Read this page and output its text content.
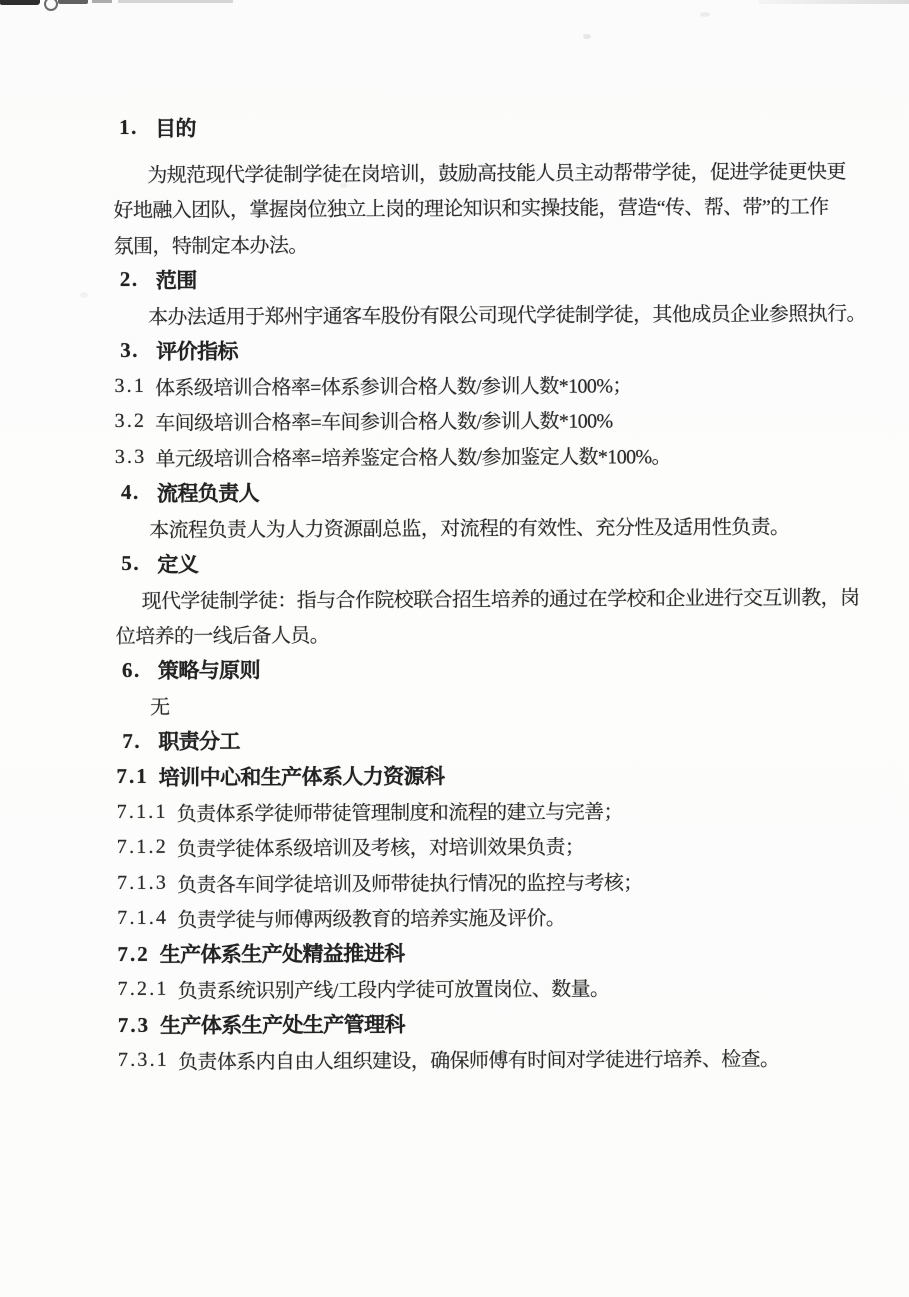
1. 目的
为规范现代学徒制学徒在岗培训，鼓励高技能人员主动帮带学徒，促进学徒更快更
好地融入团队，掌握岗位独立上岗的理论知识和实操技能，营造“传、帮、带”的工作
氛围，特制定本办法。
2. 范围
本办法适用于郑州宇通客车股份有限公司现代学徒制学徒，其他成员企业参照执行。
3. 评价指标
3.1 体系级培训合格率=体系参训合格人数/参训人数*100%；
3.2 车间级培训合格率=车间参训合格人数/参训人数*100%
3.3 单元级培训合格率=培养鉴定合格人数/参加鉴定人数*100%。
4. 流程负责人
本流程负责人为人力资源副总监，对流程的有效性、充分性及适用性负责。
5. 定义
现代学徒制学徒：指与合作院校联合招生培养的通过在学校和企业进行交互训教，岗
位培养的一线后备人员。
6. 策略与原则
无
7. 职责分工
7.1 培训中心和生产体系人力资源科
7.1.1 负责体系学徒师带徒管理制度和流程的建立与完善；
7.1.2 负责学徒体系级培训及考核，对培训效果负责；
7.1.3 负责各车间学徒培训及师带徒执行情况的监控与考核；
7.1.4 负责学徒与师傅两级教育的培养实施及评价。
7.2 生产体系生产处精益推进科
7.2.1 负责系统识别产线/工段内学徒可放置岗位、数量。
7.3 生产体系生产处生产管理科
7.3.1 负责体系内自由人组织建设，确保师傅有时间对学徒进行培养、检查。
